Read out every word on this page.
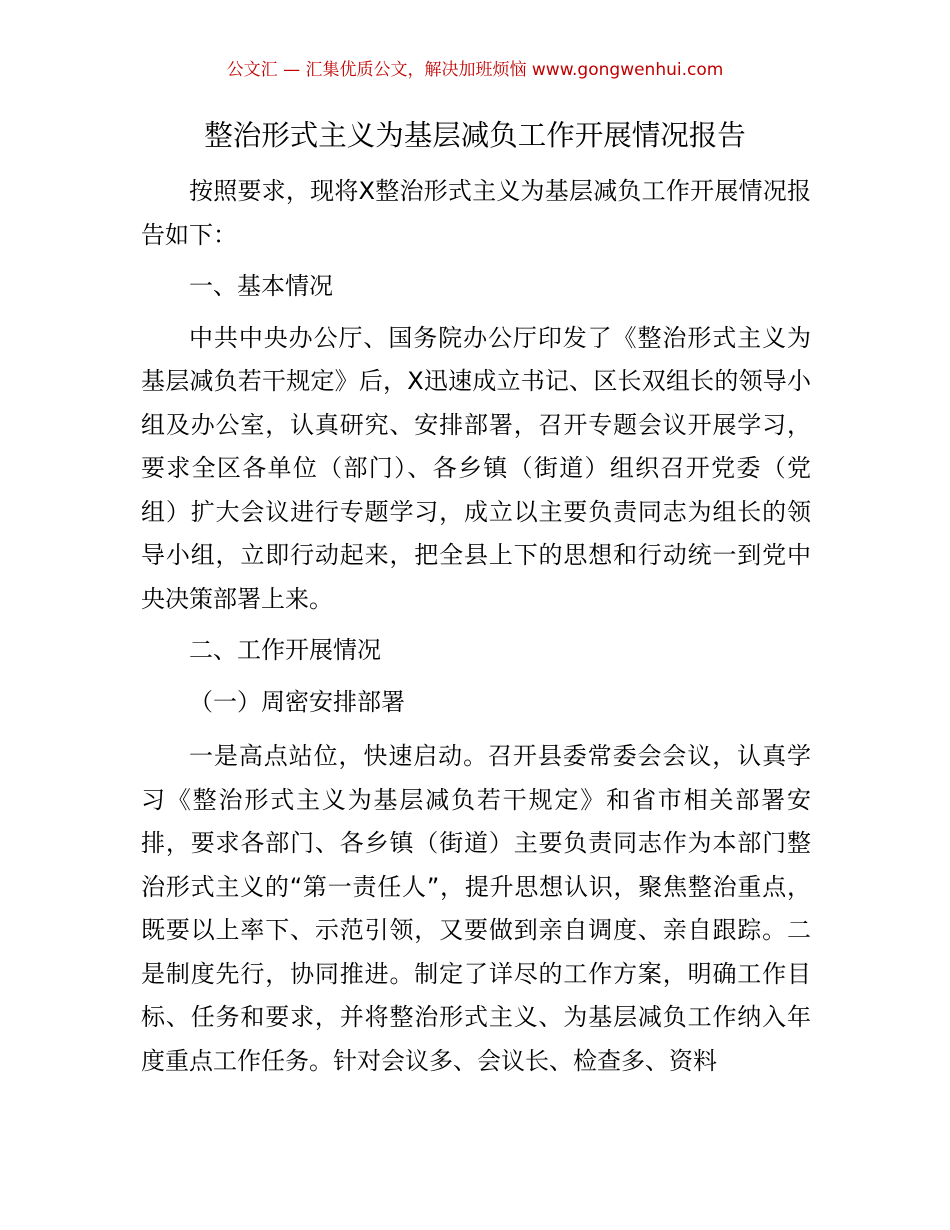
公文汇 — 汇集优质公文，解决加班烦恼 www.gongwenhui.com
整治形式主义为基层减负工作开展情况报告

按照要求，现将X整治形式主义为基层减负工作开展情况报告如下：

一、基本情况

中共中央办公厅、国务院办公厅印发了《整治形式主义为基层减负若干规定》后，X迅速成立书记、区长双组长的领导小组及办公室，认真研究、安排部署，召开专题会议开展学习，要求全区各单位（部门）、各乡镇（街道）组织召开党委（党组）扩大会议进行专题学习，成立以主要负责同志为组长的领导小组，立即行动起来，把全县上下的思想和行动统一到党中央决策部署上来。

二、工作开展情况

（一）周密安排部署

一是高点站位，快速启动。召开县委常委会会议，认真学习《整治形式主义为基层减负若干规定》和省市相关部署安排，要求各部门、各乡镇（街道）主要负责同志作为本部门整治形式主义的“第一责任人”，提升思想认识，聚焦整治重点，既要以上率下、示范引领，又要做到亲自调度、亲自跟踪。二是制度先行，协同推进。制定了详尽的工作方案，明确工作目标、任务和要求，并将整治形式主义、为基层减负工作纳入年度重点工作任务。针对会议多、会议长、检查多、资料
